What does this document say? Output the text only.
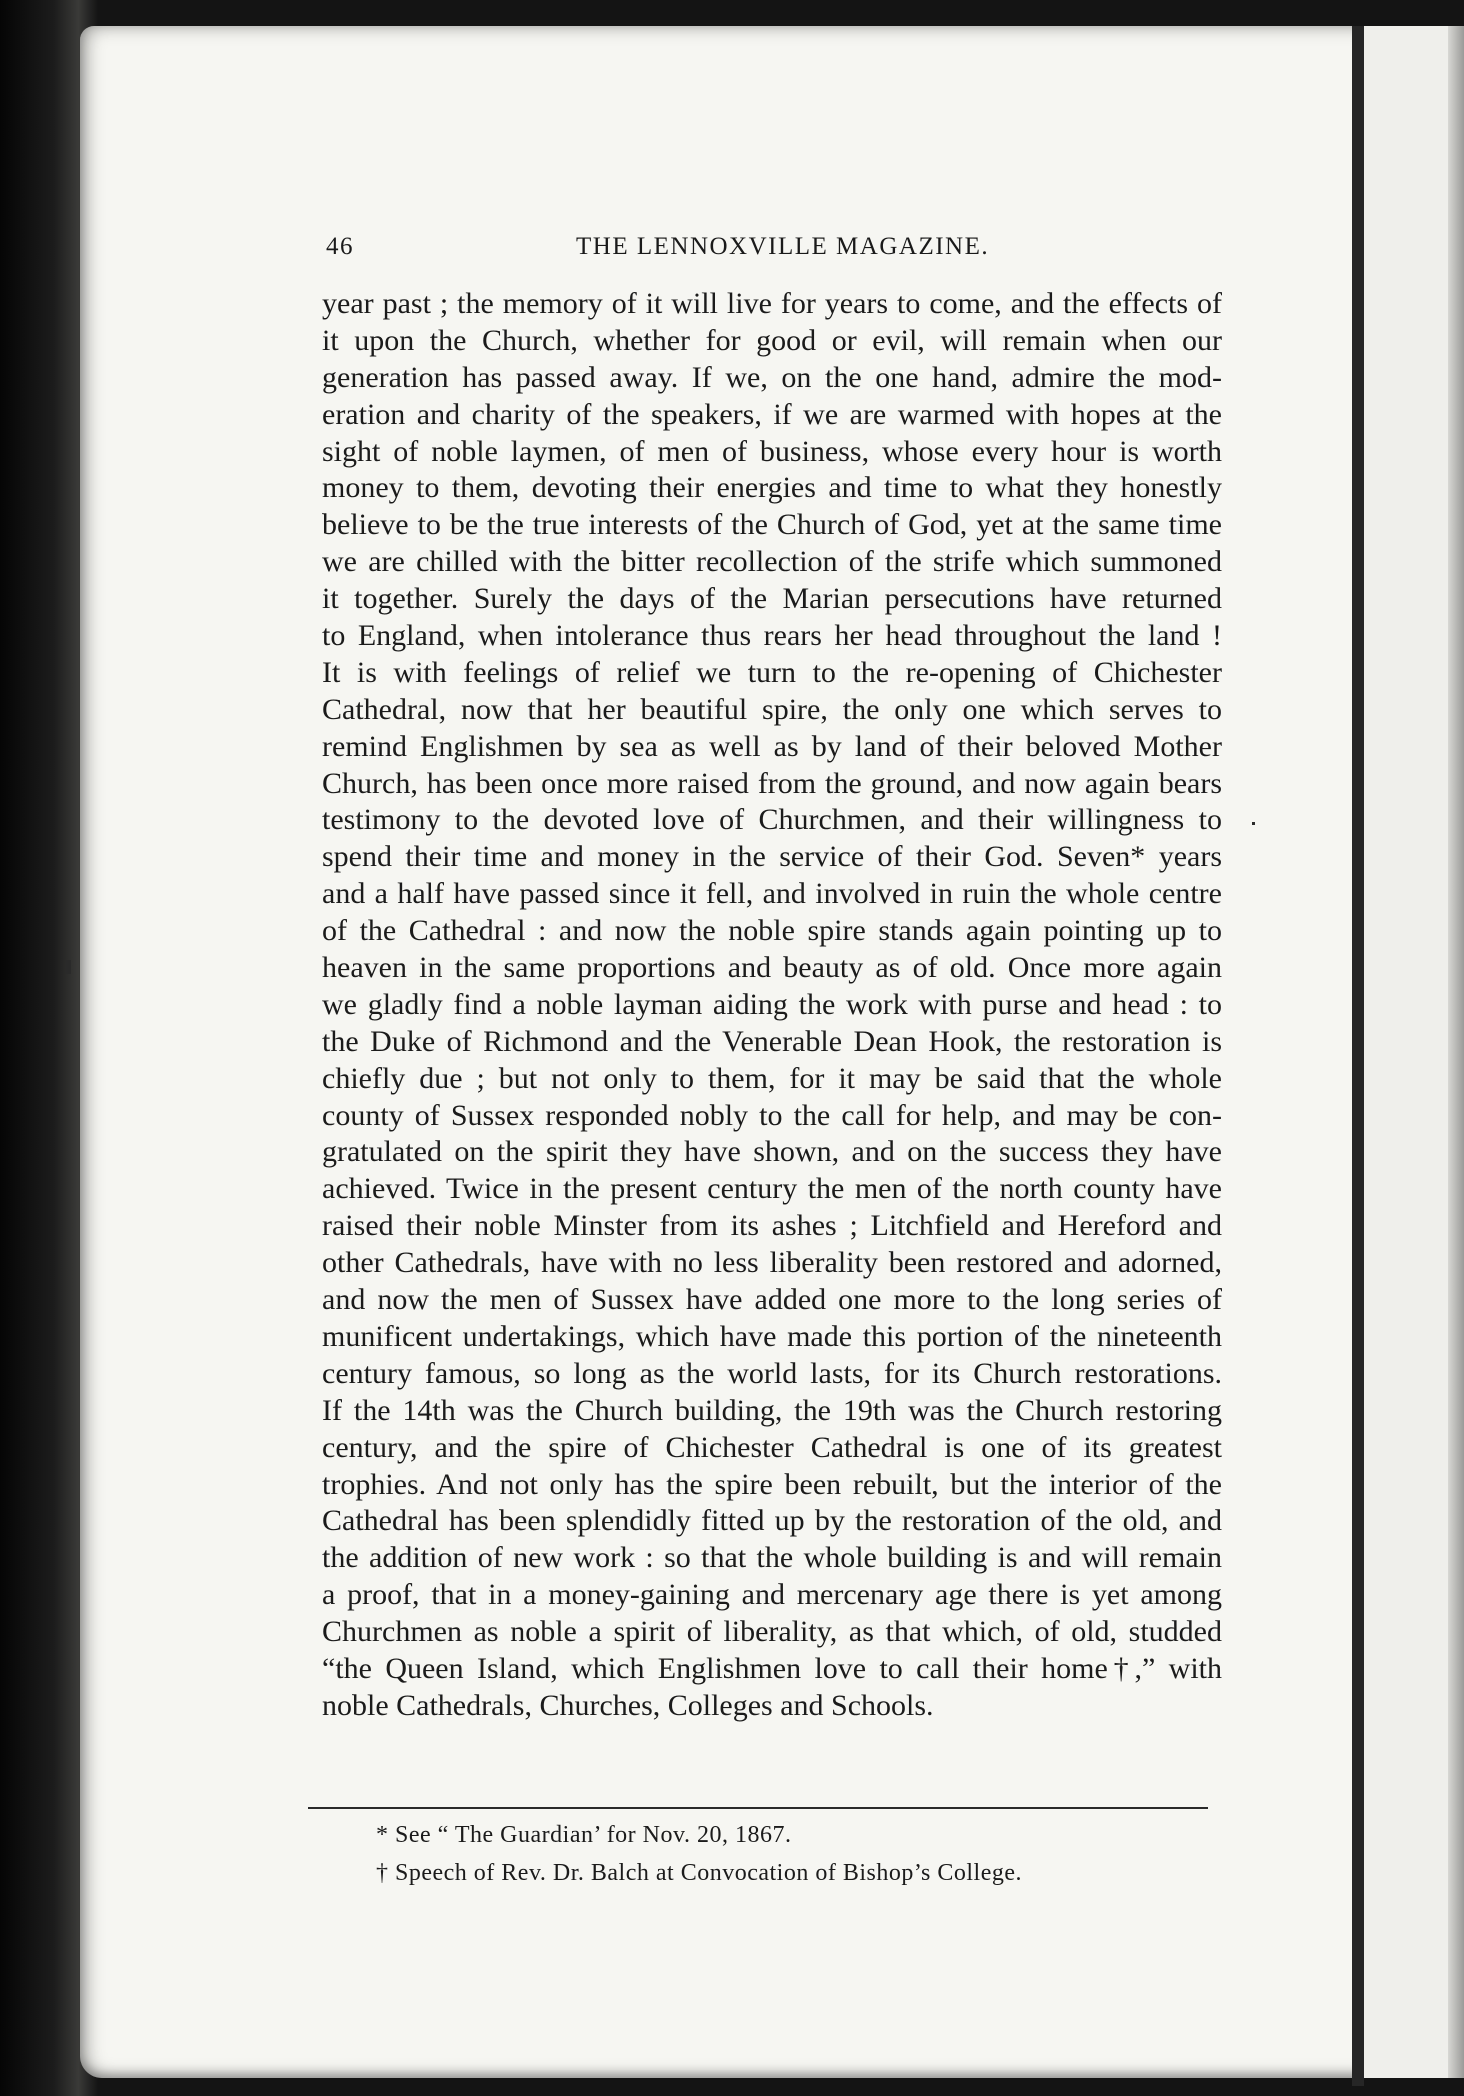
46	THE LENNOXVILLE MAGAZINE.
year past ; the memory of it will live for years to come, and the effects of
it upon the Church, whether for good or evil, will remain when our
generation has passed away. If we, on the one hand, admire the mod-
eration and charity of the speakers, if we are warmed with hopes at the
sight of noble laymen, of men of business, whose every hour is worth
money to them, devoting their energies and time to what they honestly
believe to be the true interests of the Church of God, yet at the same time
we are chilled with the bitter recollection of the strife which summoned
it together. Surely the days of the Marian persecutions have returned
to England, when intolerance thus rears her head throughout the land !
It is with feelings of relief we turn to the re-opening of Chichester
Cathedral, now that her beautiful spire, the only one which serves to
remind Englishmen by sea as well as by land of their beloved Mother
Church, has been once more raised from the ground, and now again bears
testimony to the devoted love of Churchmen, and their willingness to
spend their time and money in the service of their God. Seven* years
and a half have passed since it fell, and involved in ruin the whole centre
of the Cathedral : and now the noble spire stands again pointing up to
heaven in the same proportions and beauty as of old. Once more again
we gladly find a noble layman aiding the work with purse and head : to
the Duke of Richmond and the Venerable Dean Hook, the restoration is
chiefly due ; but not only to them, for it may be said that the whole
county of Sussex responded nobly to the call for help, and may be con-
gratulated on the spirit they have shown, and on the success they have
achieved. Twice in the present century the men of the north county have
raised their noble Minster from its ashes ; Litchfield and Hereford and
other Cathedrals, have with no less liberality been restored and adorned,
and now the men of Sussex have added one more to the long series of
munificent undertakings, which have made this portion of the nineteenth
century famous, so long as the world lasts, for its Church restorations.
If the 14th was the Church building, the 19th was the Church restoring
century, and the spire of Chichester Cathedral is one of its greatest
trophies. And not only has the spire been rebuilt, but the interior of the
Cathedral has been splendidly fitted up by the restoration of the old, and
the addition of new work : so that the whole building is and will remain
a proof, that in a money-gaining and mercenary age there is yet among
Churchmen as noble a spirit of liberality, as that which, of old, studded
“the Queen Island, which Englishmen love to call their home†,” with
noble Cathedrals, Churches, Colleges and Schools.
* See “ The Guardian’ for Nov. 20, 1867.
† Speech of Rev. Dr. Balch at Convocation of Bishop’s College.
